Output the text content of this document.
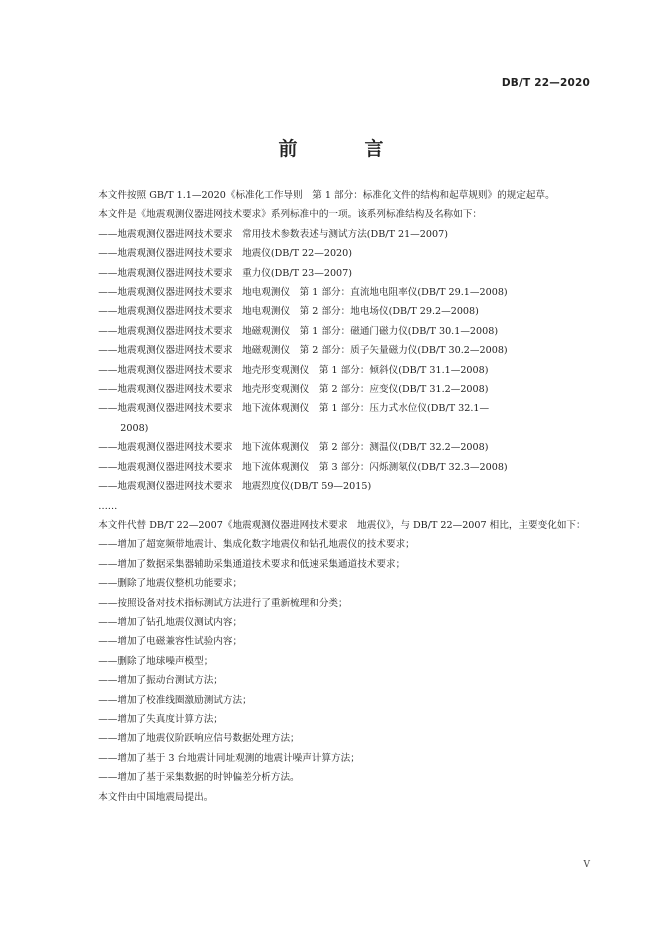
DB/T 22—2020
前　言

本文件按照 GB/T 1.1—2020《标准化工作导则　第 1 部分：标准化文件的结构和起草规则》的规定起草。

本文件是《地震观测仪器进网技术要求》系列标准中的一项。该系列标准结构及名称如下：

——地震观测仪器进网技术要求　常用技术参数表述与测试方法(DB/T 21—2007)

——地震观测仪器进网技术要求　地震仪(DB/T 22—2020)

——地震观测仪器进网技术要求　重力仪(DB/T 23—2007)

——地震观测仪器进网技术要求　地电观测仪　第 1 部分：直流地电阻率仪(DB/T 29.1—2008)

——地震观测仪器进网技术要求　地电观测仪　第 2 部分：地电场仪(DB/T 29.2—2008)

——地震观测仪器进网技术要求　地磁观测仪　第 1 部分：磁通门磁力仪(DB/T 30.1—2008)

——地震观测仪器进网技术要求　地磁观测仪　第 2 部分：质子矢量磁力仪(DB/T 30.2—2008)

——地震观测仪器进网技术要求　地壳形变观测仪　第 1 部分：倾斜仪(DB/T 31.1—2008)

——地震观测仪器进网技术要求　地壳形变观测仪　第 2 部分：应变仪(DB/T 31.2—2008)

——地震观测仪器进网技术要求　地下流体观测仪　第 1 部分：压力式水位仪(DB/T 32.1—
2008)

——地震观测仪器进网技术要求　地下流体观测仪　第 2 部分：测温仪(DB/T 32.2—2008)

——地震观测仪器进网技术要求　地下流体观测仪　第 3 部分：闪烁测氡仪(DB/T 32.3—2008)

——地震观测仪器进网技术要求　地震烈度仪(DB/T 59—2015)

……

本文件代替 DB/T 22—2007《地震观测仪器进网技术要求　地震仪》，与 DB/T 22—2007 相比，主要变化如下：

——增加了超宽频带地震计、集成化数字地震仪和钻孔地震仪的技术要求；

——增加了数据采集器辅助采集通道技术要求和低速采集通道技术要求；

——删除了地震仪整机功能要求；

——按照设备对技术指标测试方法进行了重新梳理和分类；

——增加了钻孔地震仪测试内容；

——增加了电磁兼容性试验内容；

——删除了地球噪声模型；

——增加了振动台测试方法；

——增加了校准线圈激励测试方法；

——增加了失真度计算方法；

——增加了地震仪阶跃响应信号数据处理方法；

——增加了基于 3 台地震计同址观测的地震计噪声计算方法；

——增加了基于采集数据的时钟偏差分析方法。

本文件由中国地震局提出。

V
